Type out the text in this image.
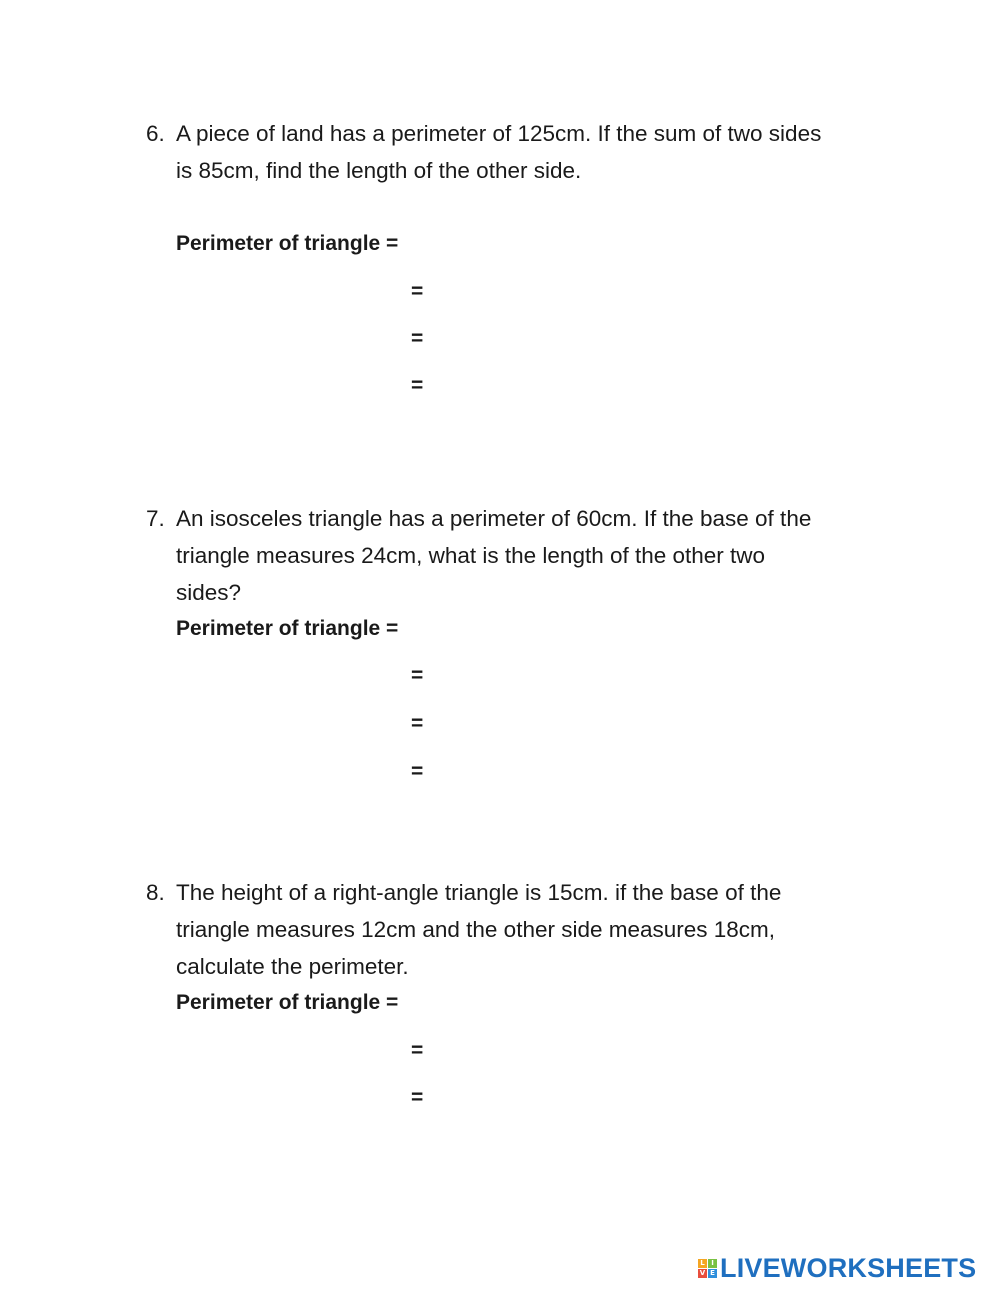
6. A piece of land has a perimeter of 125cm. If the sum of two sides
is 85cm, find the length of the other side.
Perimeter of triangle =
=
=
=
7. An isosceles triangle has a perimeter of 60cm. If the base of the
triangle measures 24cm, what is the length of the other two
sides?
Perimeter of triangle =
=
=
=
8. The height of a right-angle triangle is 15cm. if the base of the
triangle measures 12cm and the other side measures 18cm,
calculate the perimeter.
Perimeter of triangle =
=
=
L I
V E LIVEWORKSHEETS
